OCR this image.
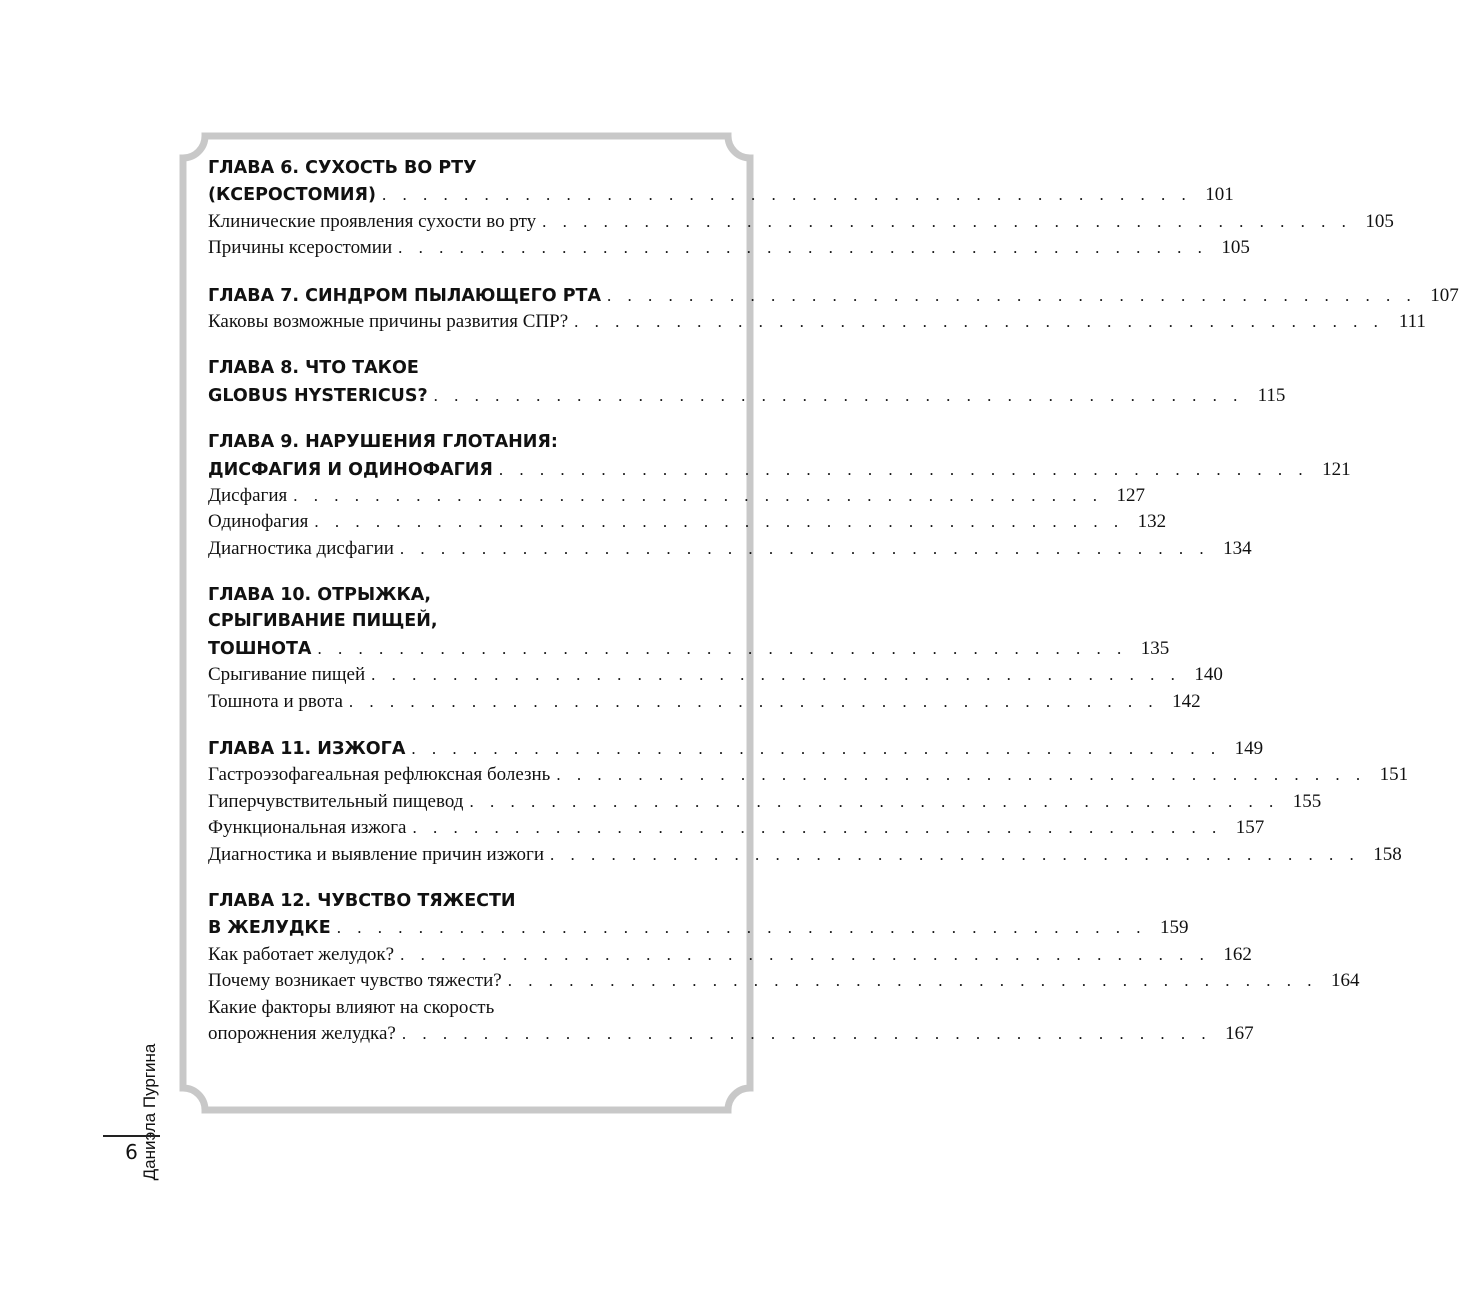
ГЛАВА 6. СУХОСТЬ ВО РТУ
(КСЕРОСТОМИЯ) . . . . . . . . . . . . . . . . . . . . . . . . . . . . . . . . . . . . . . . . 101
Клинические проявления сухости во рту . . . . . . . . . . . . . . . . . . . . . . . . . . . . . . . . . . . . . . . . 105
Причины ксеростомии . . . . . . . . . . . . . . . . . . . . . . . . . . . . . . . . . . . . . . . . 105
ГЛАВА 7. СИНДРОМ ПЫЛАЮЩЕГО РТА . . . . . . . . . . . . . . . . . . . . . . . . . . . . . . . . . . . . . . . . 107
Каковы возможные причины развития СПР? . . . . . . . . . . . . . . . . . . . . . . . . . . . . . . . . . . . . . . . . 111
ГЛАВА 8. ЧТО ТАКОЕ
GLOBUS HYSTERICUS? . . . . . . . . . . . . . . . . . . . . . . . . . . . . . . . . . . . . . . . . 115
ГЛАВА 9. НАРУШЕНИЯ ГЛОТАНИЯ:
ДИСФАГИЯ И ОДИНОФАГИЯ . . . . . . . . . . . . . . . . . . . . . . . . . . . . . . . . . . . . . . . . 121
Дисфагия . . . . . . . . . . . . . . . . . . . . . . . . . . . . . . . . . . . . . . . . 127
Одинофагия . . . . . . . . . . . . . . . . . . . . . . . . . . . . . . . . . . . . . . . . 132
Диагностика дисфагии . . . . . . . . . . . . . . . . . . . . . . . . . . . . . . . . . . . . . . . . 134
ГЛАВА 10. ОТРЫЖКА,
СРЫГИВАНИЕ ПИЩЕЙ,
ТОШНОТА . . . . . . . . . . . . . . . . . . . . . . . . . . . . . . . . . . . . . . . . 135
Срыгивание пищей . . . . . . . . . . . . . . . . . . . . . . . . . . . . . . . . . . . . . . . . 140
Тошнота и рвота . . . . . . . . . . . . . . . . . . . . . . . . . . . . . . . . . . . . . . . . 142
ГЛАВА 11. ИЗЖОГА . . . . . . . . . . . . . . . . . . . . . . . . . . . . . . . . . . . . . . . . 149
Гастроэзофагеальная рефлюксная болезнь . . . . . . . . . . . . . . . . . . . . . . . . . . . . . . . . . . . . . . . . 151
Гиперчувствительный пищевод . . . . . . . . . . . . . . . . . . . . . . . . . . . . . . . . . . . . . . . . 155
Функциональная изжога . . . . . . . . . . . . . . . . . . . . . . . . . . . . . . . . . . . . . . . . 157
Диагностика и выявление причин изжоги . . . . . . . . . . . . . . . . . . . . . . . . . . . . . . . . . . . . . . . . 158
ГЛАВА 12. ЧУВСТВО ТЯЖЕСТИ
В ЖЕЛУДКЕ . . . . . . . . . . . . . . . . . . . . . . . . . . . . . . . . . . . . . . . . 159
Как работает желудок? . . . . . . . . . . . . . . . . . . . . . . . . . . . . . . . . . . . . . . . . 162
Почему возникает чувство тяжести? . . . . . . . . . . . . . . . . . . . . . . . . . . . . . . . . . . . . . . . . 164
Какие факторы влияют на скорость
опорожнения желудка? . . . . . . . . . . . . . . . . . . . . . . . . . . . . . . . . . . . . . . . . 167
Даниэла Пургина
6
